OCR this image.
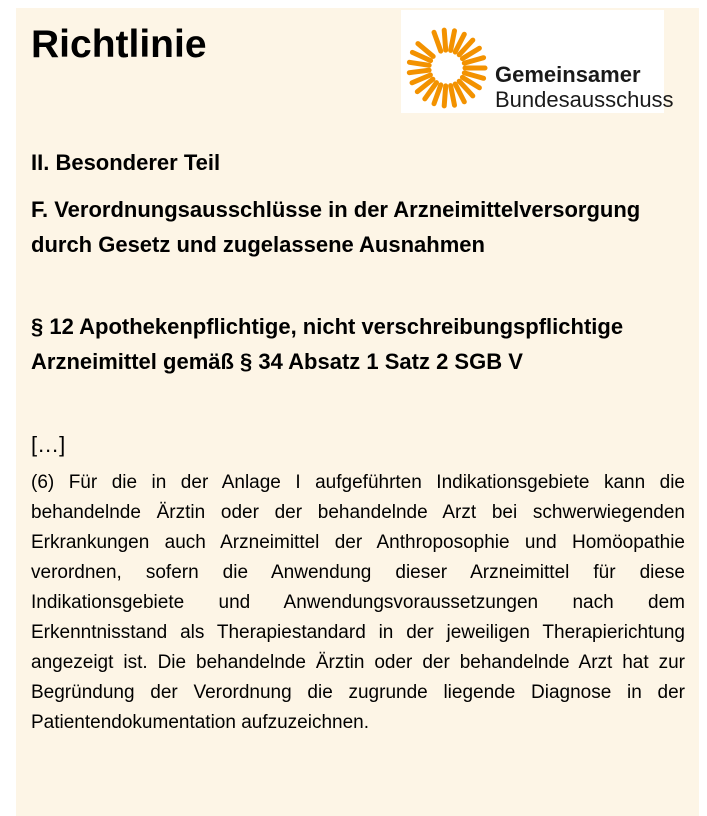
Richtlinie
Gemeinsamer
Bundesausschuss
II. Besonderer Teil
F. Verordnungsausschlüsse in der Arzneimittelversorgung durch Gesetz und zugelassene Ausnahmen
§ 12 Apothekenpflichtige, nicht verschreibungspflichtige Arzneimittel gemäß § 34 Absatz 1 Satz 2 SGB V
[…]
(6) Für die in der Anlage I aufgeführten Indikationsgebiete kann die behandelnde Ärztin oder der behandelnde Arzt bei schwerwiegenden Erkrankungen auch Arzneimittel der Anthroposophie und Homöopathie verordnen, sofern die Anwendung dieser Arzneimittel für diese Indikationsgebiete und Anwendungsvoraussetzungen nach dem Erkenntnisstand als Therapiestandard in der jeweiligen Therapierichtung angezeigt ist. Die behandelnde Ärztin oder der behandelnde Arzt hat zur Begründung der Verordnung die zugrunde liegende Diagnose in der Patientendokumentation aufzuzeichnen.
